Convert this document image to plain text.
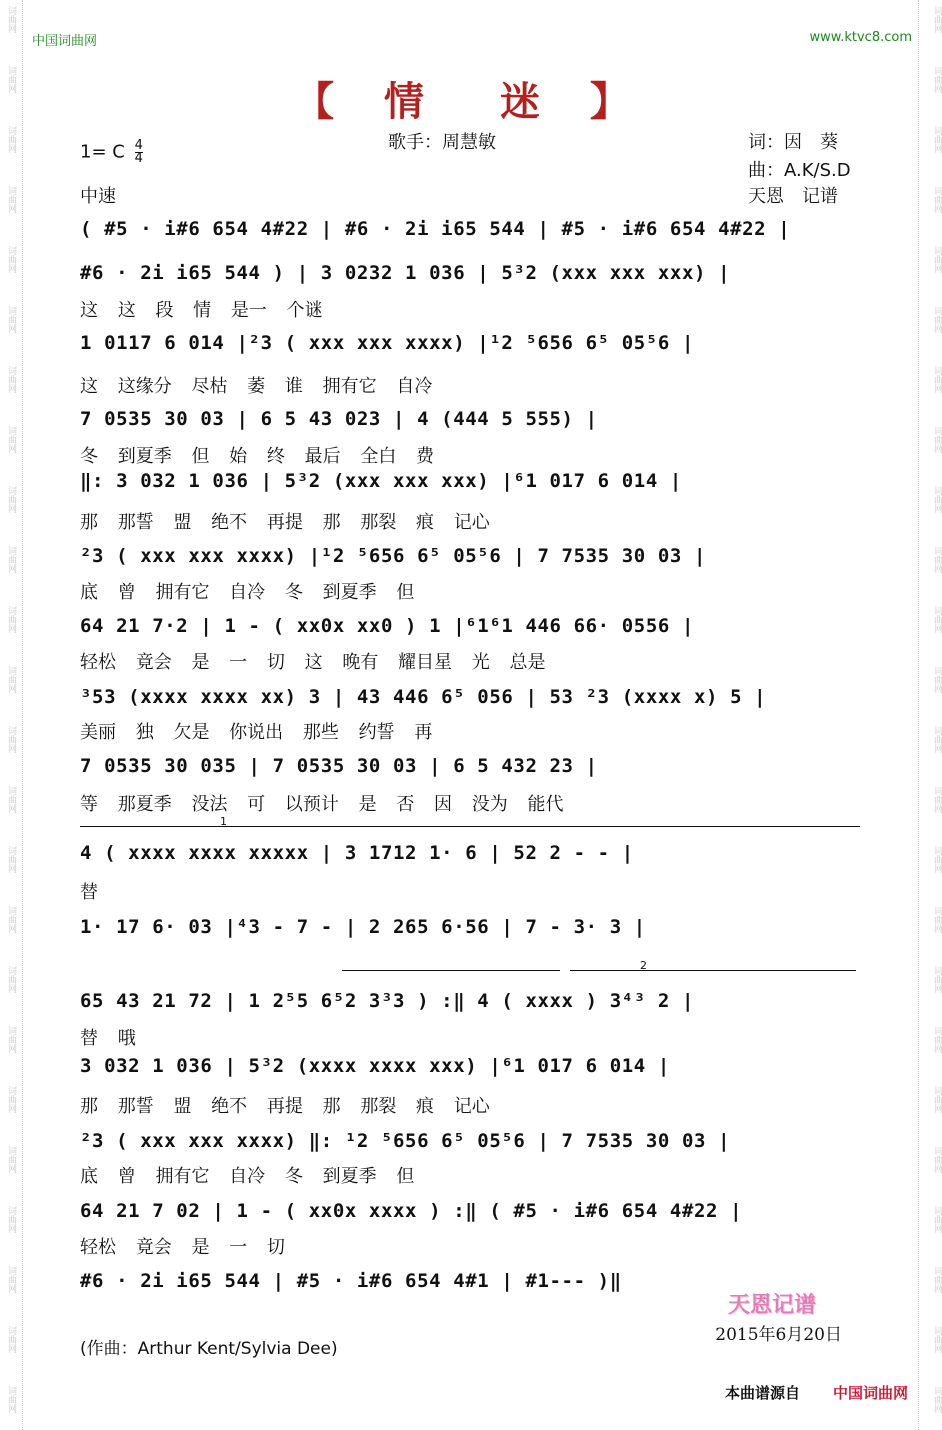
词曲网
词曲网
词曲网
词曲网
词曲网
词曲网
词曲网
词曲网
词曲网
词曲网
词曲网
词曲网
词曲网
词曲网
词曲网
词曲网
词曲网
词曲网
词曲网
词曲网
词曲网
词曲网
词曲网
词曲网
词曲网
词曲网
词曲网
词曲网
词曲网
词曲网
词曲网
词曲网
词曲网
词曲网
词曲网
词曲网
词曲网
词曲网
词曲网
词曲网
词曲网
词曲网
词曲网
词曲网
词曲网
词曲网
词曲网
词曲网
中国词曲网	www.ktvc8.com
【 情　迷 】
1= C $\frac{4}{4}$	歌手：周慧敏	词：因　葵
曲：A.K/S.D
中速	天恩　记谱
( #5 · i#6 654 4#22 | #6 · 2i i65 544 | #5 · i#6 654 4#22 |
#6 · 2i i65 544 ) | 3 0232 1 036 | 5³2 (xxx xxx xxx) |
这 这 段 情 是一 个谜
1 0117 6 014 |²3 ( xxx xxx xxxx) |¹2 ⁵656 6⁵ 05⁵6 |
这 这缘分 尽枯 萎 谁 拥有它 自冷
7 0535 30 03 | 6 5 43 023 | 4 (444 5 555) |
冬 到夏季 但 始 终 最后 全白 费
‖: 3 032 1 036 | 5³2 (xxx xxx xxx) |⁶1 017 6 014 |
那 那誓 盟 绝不 再提 那 那裂 痕 记心
²3 ( xxx xxx xxxx) |¹2 ⁵656 6⁵ 05⁵6 | 7 7535 30 03 |
底 曾 拥有它 自冷 冬 到夏季 但
64 21 7·2 | 1 - ( xx0x xx0 ) 1 |⁶1⁶1 446 66· 0556 |
轻松 竟会 是 一 切 这 晚有 耀目星 光 总是
³53 (xxxx xxxx xx) 3 | 43 446 6⁵ 056 | 53 ²3 (xxxx x) 5 |
美丽 独 欠是 你说出 那些 约誓 再
7 0535 30 035 | 7 0535 30 03 | 6 5 432 23 |
等 那夏季 没法 可 以预计 是 否 因 没为 能代
4 ( xxxx xxxx xxxxx | 3 1712 1· 6 | 52 2 - - |
替
1· 17 6· 03 |⁴3 - 7 - | 2 265 6·56 | 7 - 3· 3 |
65 43 21 72 | 1 2⁵5 6⁵2 3³3 ) :‖ 4 ( xxxx ) 3⁴³ 2 |
替 哦
3 032 1 036 | 5³2 (xxxx xxxx xxx) |⁶1 017 6 014 |
那 那誓 盟 绝不 再提 那 那裂 痕 记心
²3 ( xxx xxx xxxx) ‖: ¹2 ⁵656 6⁵ 05⁵6 | 7 7535 30 03 |
底 曾 拥有它 自冷 冬 到夏季 但
64 21 7 02 | 1 - ( xx0x xxxx ) :‖ ( #5 · i#6 654 4#22 |
轻松 竟会 是 一 切
#6 · 2i i65 544 | #5 · i#6 654 4#1 | #1--- )‖
1
2
天恩记谱
2015年6月20日
(作曲：Arthur Kent/Sylvia Dee)
本曲谱源自 中国词曲网
